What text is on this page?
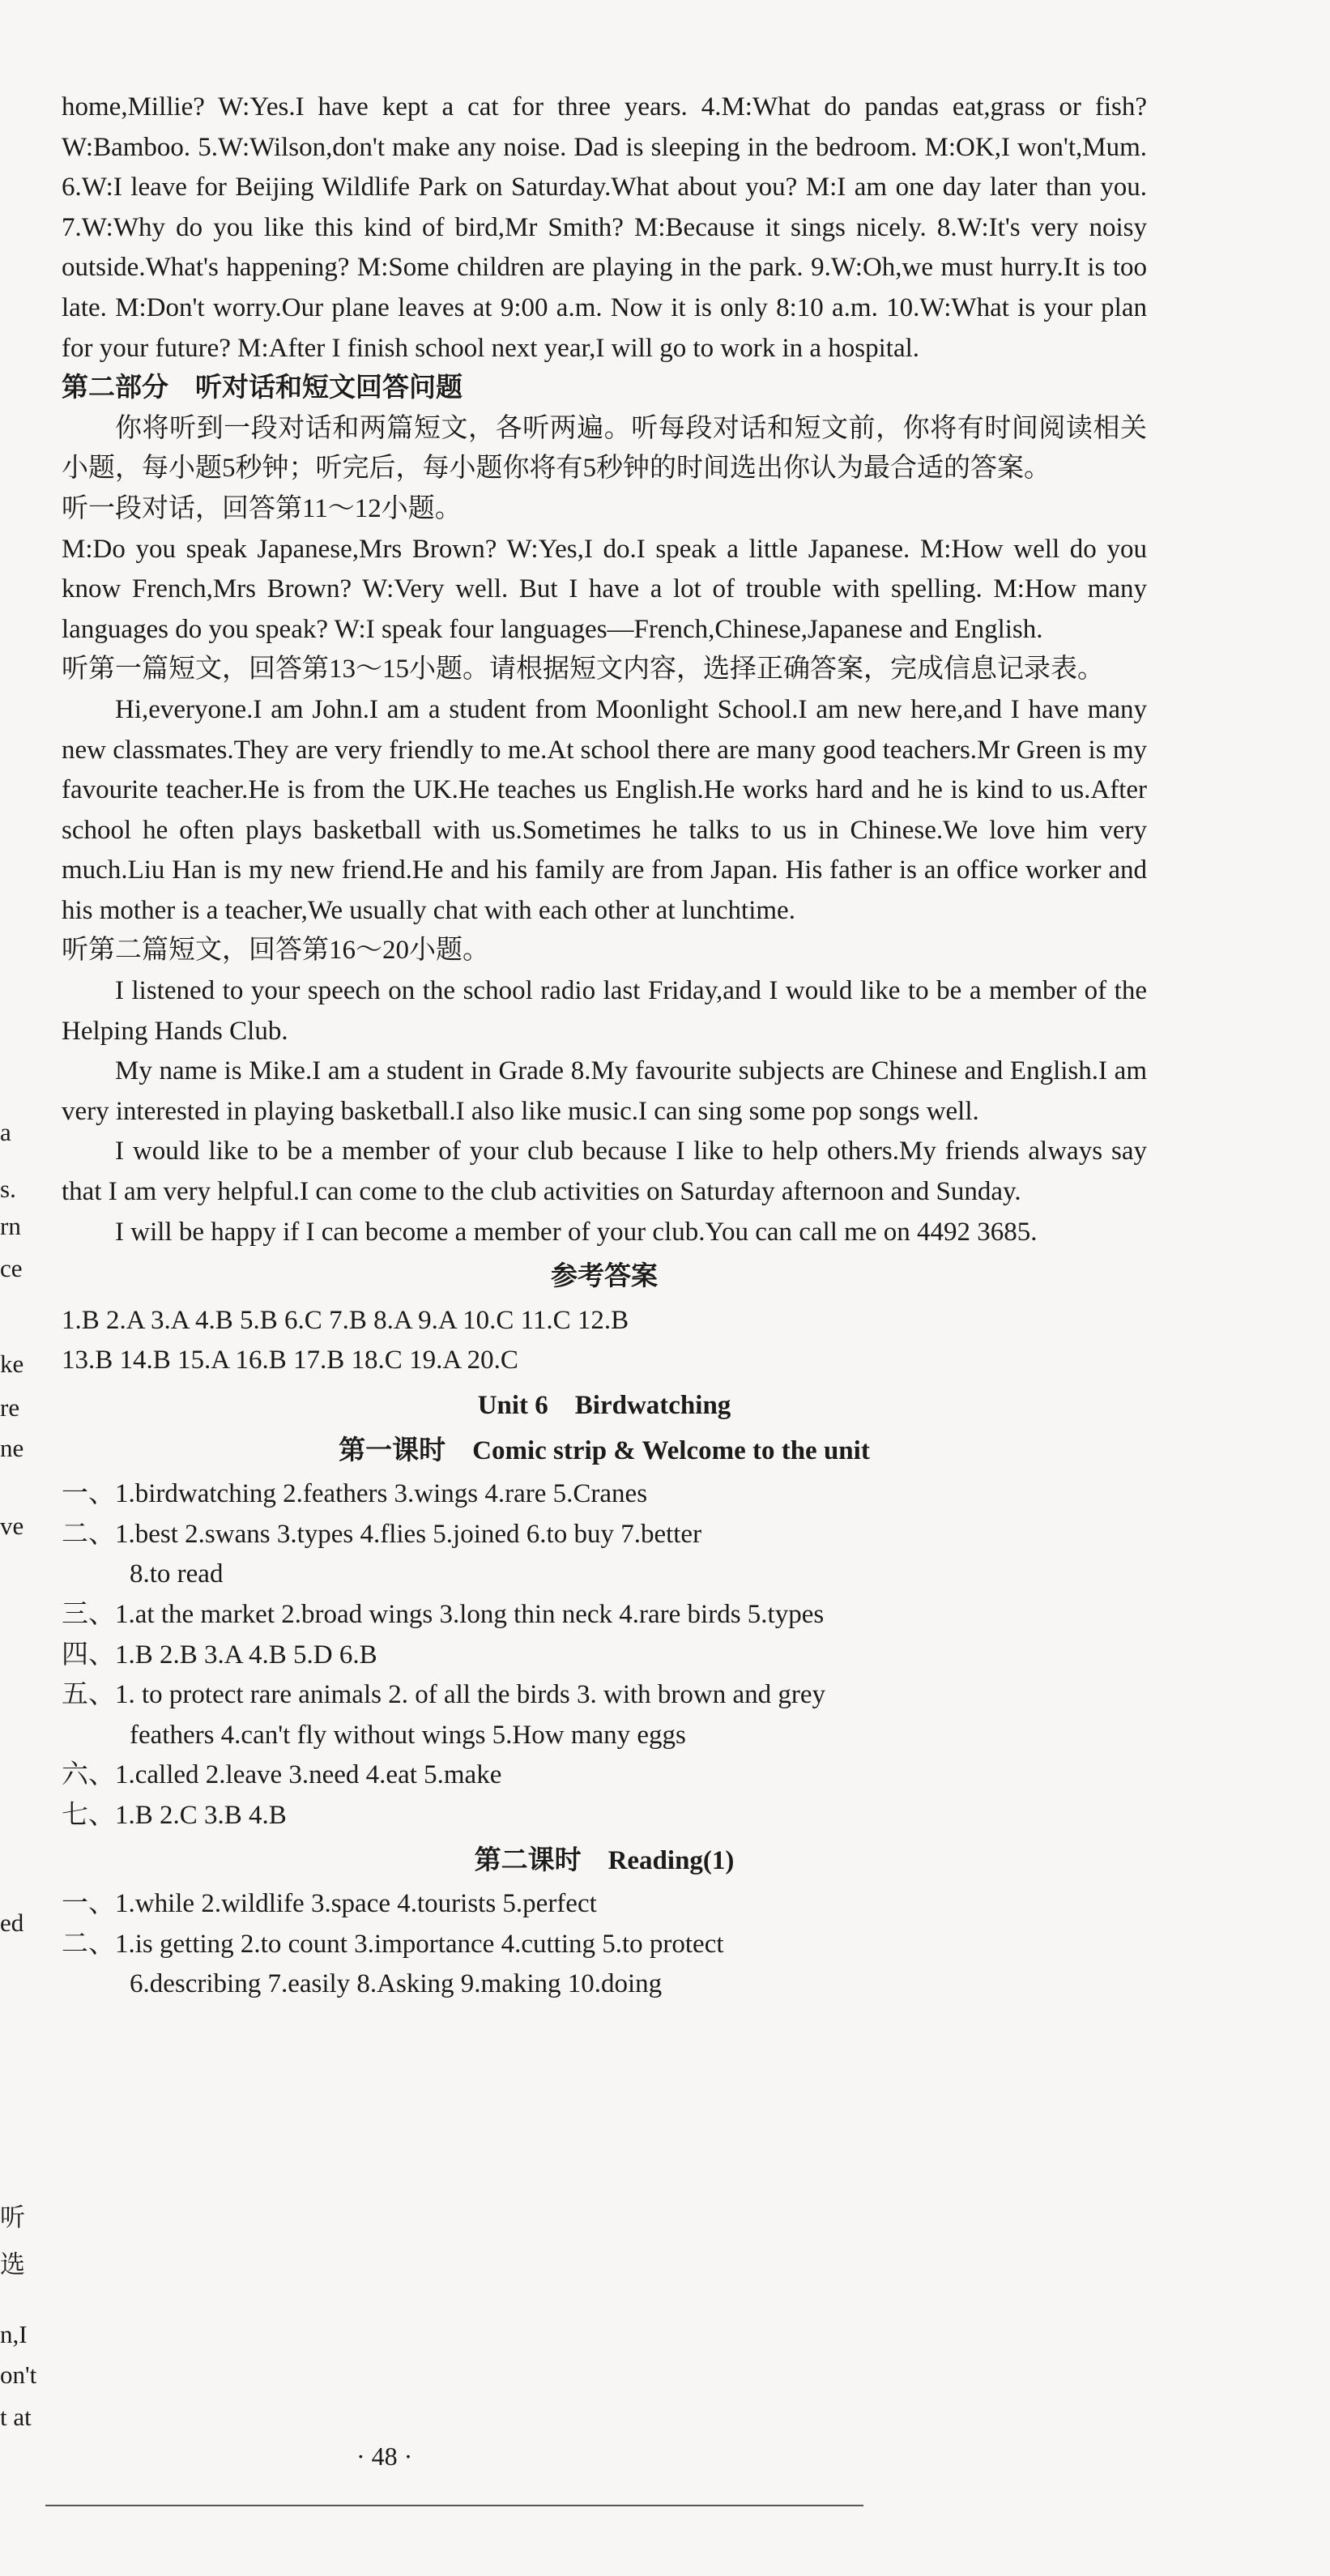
a
s.
rn
ce
ke
re
ne
ve
ed
听
选
n,I
on't
t at

home,Millie? W:Yes.I have kept a cat for three years. 4.M:What do pandas eat,grass or fish? W:Bamboo. 5.W:Wilson,don't make any noise. Dad is sleeping in the bedroom. M:OK,I won't,Mum. 6.W:I leave for Beijing Wildlife Park on Saturday.What about you? M:I am one day later than you. 7.W:Why do you like this kind of bird,Mr Smith? M:Because it sings nicely. 8.W:It's very noisy outside.What's happening? M:Some children are playing in the park. 9.W:Oh,we must hurry.It is too late. M:Don't worry.Our plane leaves at 9:00 a.m. Now it is only 8:10 a.m. 10.W:What is your plan for your future? M:After I finish school next year,I will go to work in a hospital.

第二部分　听对话和短文回答问题

你将听到一段对话和两篇短文，各听两遍。听每段对话和短文前，你将有时间阅读相关小题，每小题5秒钟；听完后，每小题你将有5秒钟的时间选出你认为最合适的答案。

听一段对话，回答第11～12小题。

M:Do you speak Japanese,Mrs Brown? W:Yes,I do.I speak a little Japanese. M:How well do you know French,Mrs Brown? W:Very well. But I have a lot of trouble with spelling. M:How many languages do you speak? W:I speak four languages—French,Chinese,Japanese and English.

听第一篇短文，回答第13～15小题。请根据短文内容，选择正确答案，完成信息记录表。

Hi,everyone.I am John.I am a student from Moonlight School.I am new here,and I have many new classmates.They are very friendly to me.At school there are many good teachers.Mr Green is my favourite teacher.He is from the UK.He teaches us English.He works hard and he is kind to us.After school he often plays basketball with us.Sometimes he talks to us in Chinese.We love him very much.Liu Han is my new friend.He and his family are from Japan. His father is an office worker and his mother is a teacher,We usually chat with each other at lunchtime.

听第二篇短文，回答第16～20小题。

I listened to your speech on the school radio last Friday,and I would like to be a member of the Helping Hands Club.

My name is Mike.I am a student in Grade 8.My favourite subjects are Chinese and English.I am very interested in playing basketball.I also like music.I can sing some pop songs well.

I would like to be a member of your club because I like to help others.My friends always say that I am very helpful.I can come to the club activities on Saturday afternoon and Sunday.

I will be happy if I can become a member of your club.You can call me on 4492 3685.

参考答案

1.B 2.A 3.A 4.B 5.B 6.C 7.B 8.A 9.A 10.C 11.C 12.B

13.B 14.B 15.A 16.B 17.B 18.C 19.A 20.C

Unit 6　Birdwatching

第一课时　Comic strip & Welcome to the unit

一、1.birdwatching 2.feathers 3.wings 4.rare 5.Cranes

二、1.best 2.swans 3.types 4.flies 5.joined 6.to buy 7.better

8.to read

三、1.at the market 2.broad wings 3.long thin neck 4.rare birds 5.types

四、1.B 2.B 3.A 4.B 5.D 6.B

五、1. to protect rare animals 2. of all the birds 3. with brown and grey

feathers 4.can't fly without wings 5.How many eggs

六、1.called 2.leave 3.need 4.eat 5.make

七、1.B 2.C 3.B 4.B

第二课时　Reading(1)

一、1.while 2.wildlife 3.space 4.tourists 5.perfect

二、1.is getting 2.to count 3.importance 4.cutting 5.to protect

6.describing 7.easily 8.Asking 9.making 10.doing

· 48 ·
